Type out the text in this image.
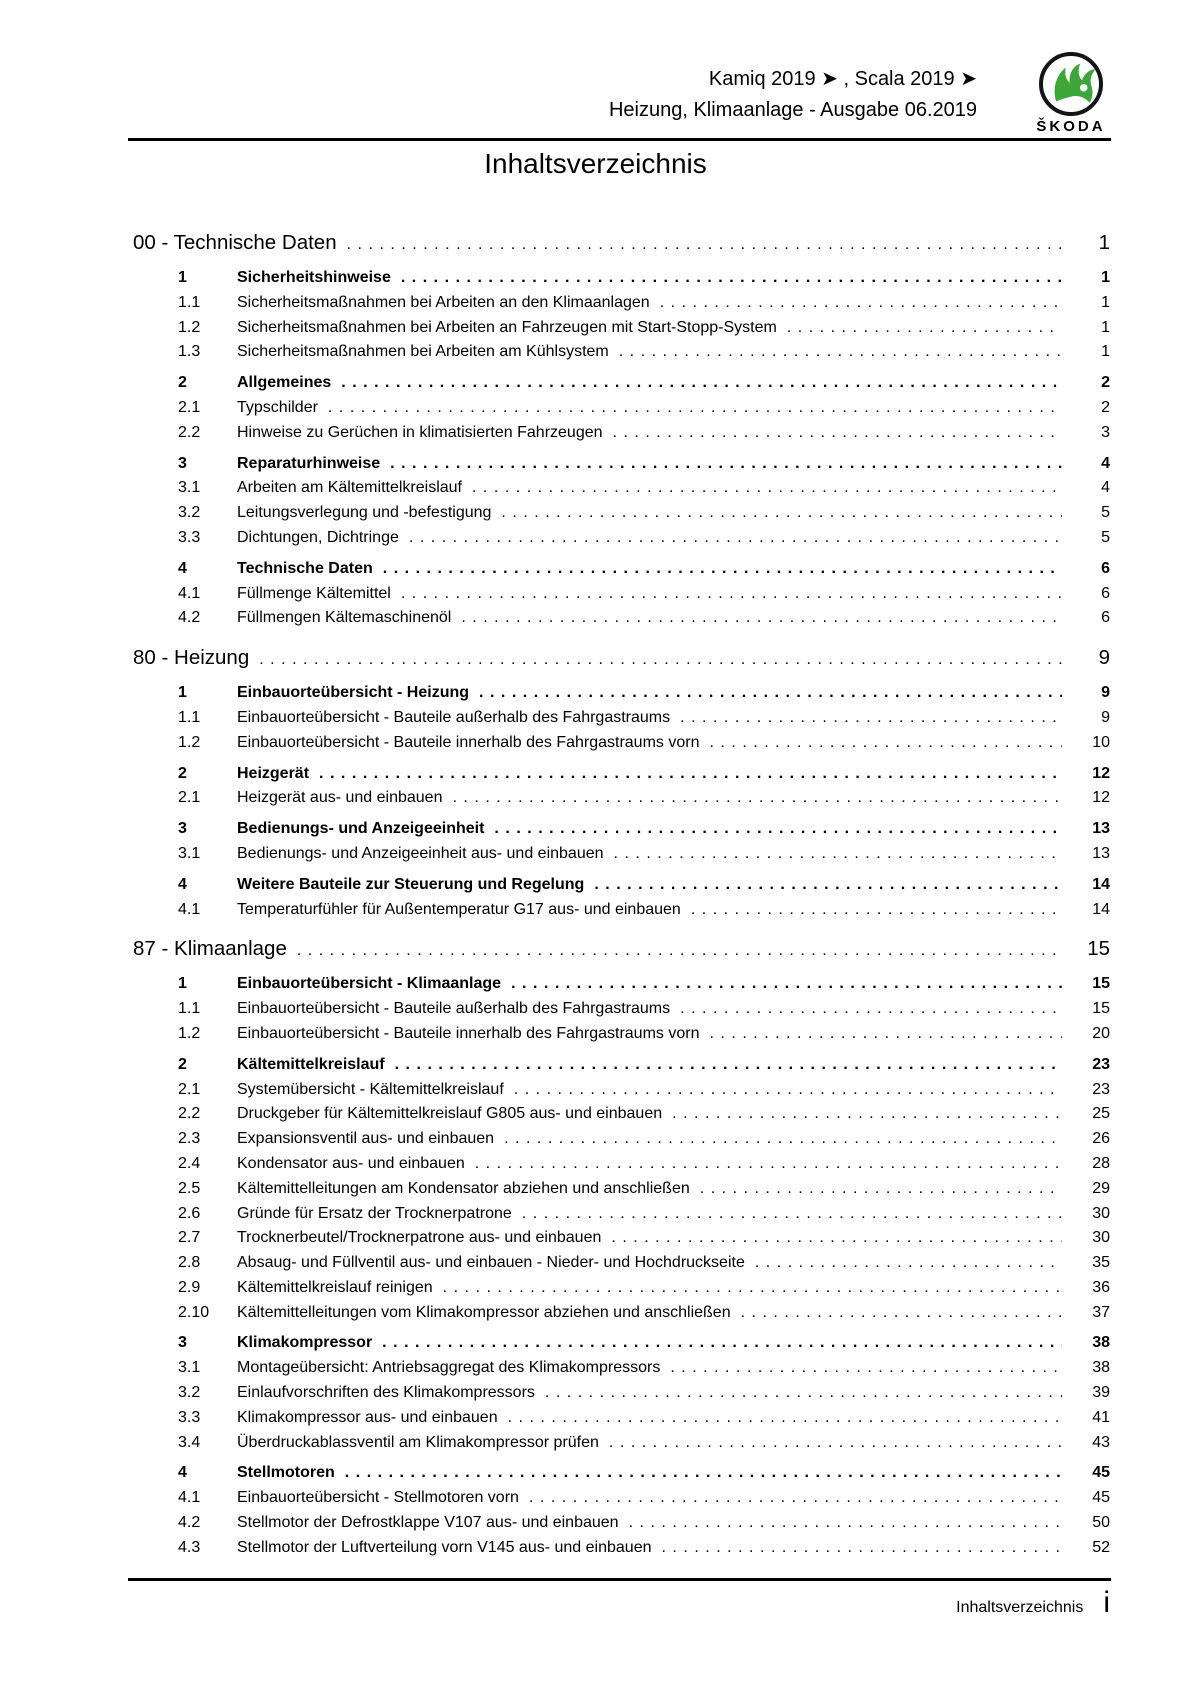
Kamiq 2019 ➤ , Scala 2019 ➤
Heizung, Klimaanlage - Ausgabe 06.2019
ŠKODA
Inhaltsverzeichnis
00 - Technische Daten .....	1
1	Sicherheitshinweise .....	1
1.1	Sicherheitsmaßnahmen bei Arbeiten an den Klimaanlagen .....	1
1.2	Sicherheitsmaßnahmen bei Arbeiten an Fahrzeugen mit Start-Stopp-System .....	1
1.3	Sicherheitsmaßnahmen bei Arbeiten am Kühlsystem .....	1
2	Allgemeines .....	2
2.1	Typschilder .....	2
2.2	Hinweise zu Gerüchen in klimatisierten Fahrzeugen .....	3
3	Reparaturhinweise .....	4
3.1	Arbeiten am Kältemittelkreislauf .....	4
3.2	Leitungsverlegung und -befestigung .....	5
3.3	Dichtungen, Dichtringe .....	5
4	Technische Daten .....	6
4.1	Füllmenge Kältemittel .....	6
4.2	Füllmengen Kältemaschinenöl .....	6
80 - Heizung .....	9
1	Einbauorteübersicht - Heizung .....	9
1.1	Einbauorteübersicht - Bauteile außerhalb des Fahrgastraums .....	9
1.2	Einbauorteübersicht - Bauteile innerhalb des Fahrgastraums vorn .....	10
2	Heizgerät .....	12
2.1	Heizgerät aus- und einbauen .....	12
3	Bedienungs- und Anzeigeeinheit .....	13
3.1	Bedienungs- und Anzeigeeinheit aus- und einbauen .....	13
4	Weitere Bauteile zur Steuerung und Regelung .....	14
4.1	Temperaturfühler für Außentemperatur G17 aus- und einbauen .....	14
87 - Klimaanlage .....	15
1	Einbauorteübersicht - Klimaanlage .....	15
1.1	Einbauorteübersicht - Bauteile außerhalb des Fahrgastraums .....	15
1.2	Einbauorteübersicht - Bauteile innerhalb des Fahrgastraums vorn .....	20
2	Kältemittelkreislauf .....	23
2.1	Systemübersicht - Kältemittelkreislauf .....	23
2.2	Druckgeber für Kältemittelkreislauf G805 aus- und einbauen .....	25
2.3	Expansionsventil aus- und einbauen .....	26
2.4	Kondensator aus- und einbauen .....	28
2.5	Kältemittelleitungen am Kondensator abziehen und anschließen .....	29
2.6	Gründe für Ersatz der Trocknerpatrone .....	30
2.7	Trocknerbeutel/Trocknerpatrone aus- und einbauen .....	30
2.8	Absaug- und Füllventil aus- und einbauen - Nieder- und Hochdruckseite .....	35
2.9	Kältemittelkreislauf reinigen .....	36
2.10	Kältemittelleitungen vom Klimakompressor abziehen und anschließen .....	37
3	Klimakompressor .....	38
3.1	Montageübersicht: Antriebsaggregat des Klimakompressors .....	38
3.2	Einlaufvorschriften des Klimakompressors .....	39
3.3	Klimakompressor aus- und einbauen .....	41
3.4	Überdruckablassventil am Klimakompressor prüfen .....	43
4	Stellmotoren .....	45
4.1	Einbauorteübersicht - Stellmotoren vorn .....	45
4.2	Stellmotor der Defrostklappe V107 aus- und einbauen .....	50
4.3	Stellmotor der Luftverteilung vorn V145 aus- und einbauen .....	52
Inhaltsverzeichnis i
